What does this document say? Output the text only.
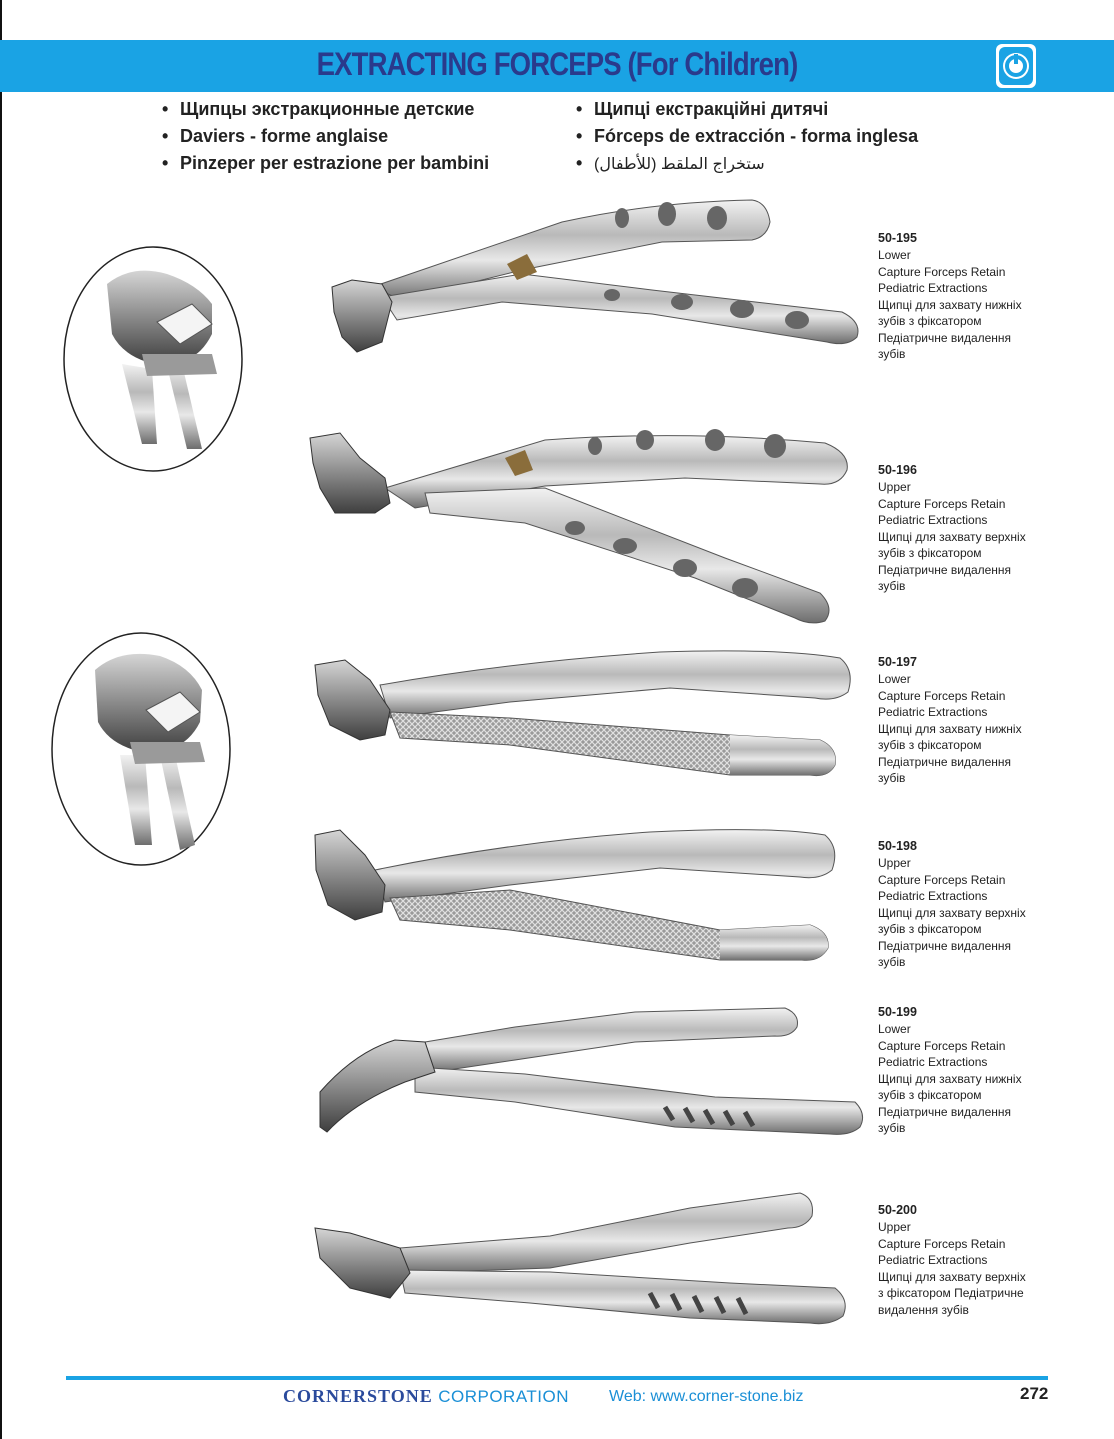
EXTRACTING FORCEPS (For Children)
• Щипцы экстракционные детские
• Daviers - forme anglaise
• Pinzeper per estrazione per bambini
• Щипці екстракційні дитячі
• Fórceps de extracción - forma inglesa
• ﺳﺘﺨﺮاج اﻟﻤﻠﻘﻂ (ﻟﻸﻃﻔﺎل)
50-195
Lower
Capture Forceps Retain
Pediatric Extractions
Щипці для захвату нижніх
зубів з фіксатором
Педіатричне видалення
зубів
50-196
Upper
Capture Forceps Retain
Pediatric Extractions
Щипці для захвату верхніх
зубів з фіксатором
Педіатричне видалення
зубів
50-197
Lower
Capture Forceps Retain
Pediatric Extractions
Щипці для захвату нижніх
зубів з фіксатором
Педіатричне видалення
зубів
50-198
Upper
Capture Forceps Retain
Pediatric Extractions
Щипці для захвату верхніх
зубів з фіксатором
Педіатричне видалення
зубів
50-199
Lower
Capture Forceps Retain
Pediatric Extractions
Щипці для захвату нижніх
зубів з фіксатором
Педіатричне видалення
зубів
50-200
Upper
Capture Forceps Retain
Pediatric Extractions
Щипці для захвату верхніх
з фіксатором Педіатричне
видалення зубів
CORNERSTONE CORPORATION Web: www.corner-stone.biz	272
